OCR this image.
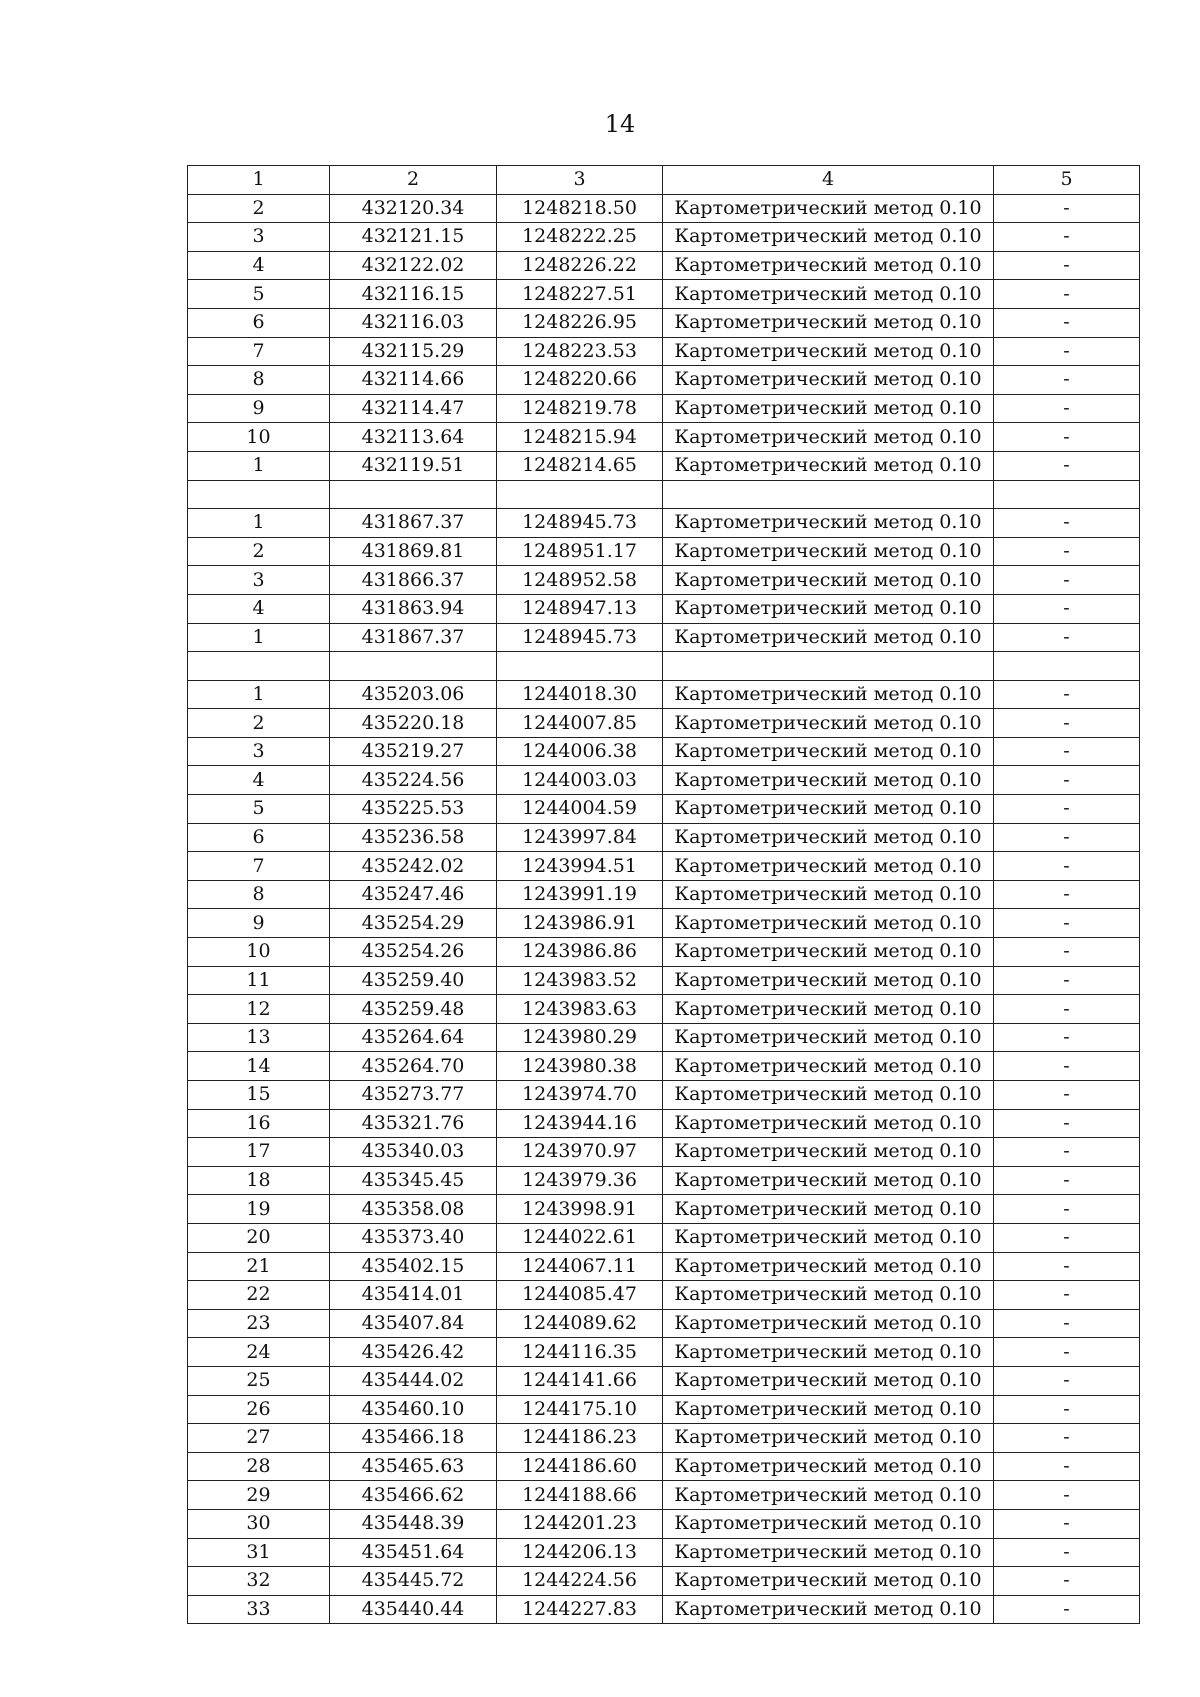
14
1	2	3	4	5
2	432120.34	1248218.50	Картометрический метод 0.10	-
3	432121.15	1248222.25	Картометрический метод 0.10	-
4	432122.02	1248226.22	Картометрический метод 0.10	-
5	432116.15	1248227.51	Картометрический метод 0.10	-
6	432116.03	1248226.95	Картометрический метод 0.10	-
7	432115.29	1248223.53	Картометрический метод 0.10	-
8	432114.66	1248220.66	Картометрический метод 0.10	-
9	432114.47	1248219.78	Картометрический метод 0.10	-
10	432113.64	1248215.94	Картометрический метод 0.10	-
1	432119.51	1248214.65	Картометрический метод 0.10	-

1	431867.37	1248945.73	Картометрический метод 0.10	-
2	431869.81	1248951.17	Картометрический метод 0.10	-
3	431866.37	1248952.58	Картометрический метод 0.10	-
4	431863.94	1248947.13	Картометрический метод 0.10	-
1	431867.37	1248945.73	Картометрический метод 0.10	-

1	435203.06	1244018.30	Картометрический метод 0.10	-
2	435220.18	1244007.85	Картометрический метод 0.10	-
3	435219.27	1244006.38	Картометрический метод 0.10	-
4	435224.56	1244003.03	Картометрический метод 0.10	-
5	435225.53	1244004.59	Картометрический метод 0.10	-
6	435236.58	1243997.84	Картометрический метод 0.10	-
7	435242.02	1243994.51	Картометрический метод 0.10	-
8	435247.46	1243991.19	Картометрический метод 0.10	-
9	435254.29	1243986.91	Картометрический метод 0.10	-
10	435254.26	1243986.86	Картометрический метод 0.10	-
11	435259.40	1243983.52	Картометрический метод 0.10	-
12	435259.48	1243983.63	Картометрический метод 0.10	-
13	435264.64	1243980.29	Картометрический метод 0.10	-
14	435264.70	1243980.38	Картометрический метод 0.10	-
15	435273.77	1243974.70	Картометрический метод 0.10	-
16	435321.76	1243944.16	Картометрический метод 0.10	-
17	435340.03	1243970.97	Картометрический метод 0.10	-
18	435345.45	1243979.36	Картометрический метод 0.10	-
19	435358.08	1243998.91	Картометрический метод 0.10	-
20	435373.40	1244022.61	Картометрический метод 0.10	-
21	435402.15	1244067.11	Картометрический метод 0.10	-
22	435414.01	1244085.47	Картометрический метод 0.10	-
23	435407.84	1244089.62	Картометрический метод 0.10	-
24	435426.42	1244116.35	Картометрический метод 0.10	-
25	435444.02	1244141.66	Картометрический метод 0.10	-
26	435460.10	1244175.10	Картометрический метод 0.10	-
27	435466.18	1244186.23	Картометрический метод 0.10	-
28	435465.63	1244186.60	Картометрический метод 0.10	-
29	435466.62	1244188.66	Картометрический метод 0.10	-
30	435448.39	1244201.23	Картометрический метод 0.10	-
31	435451.64	1244206.13	Картометрический метод 0.10	-
32	435445.72	1244224.56	Картометрический метод 0.10	-
33	435440.44	1244227.83	Картометрический метод 0.10	-
